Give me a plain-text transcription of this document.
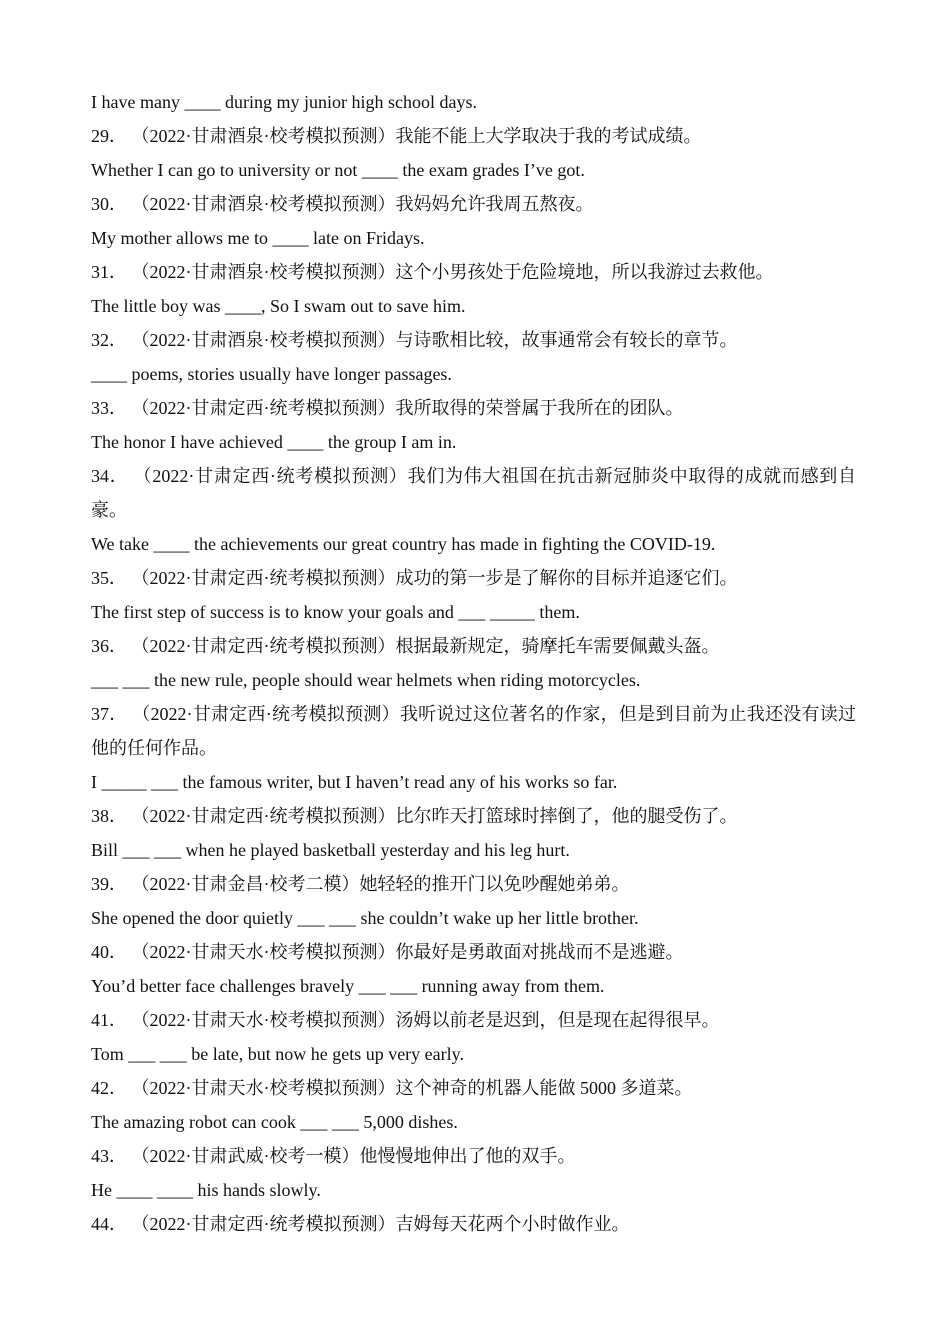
I have many ____ during my junior high school days.
29． （2022·甘肃酒泉·校考模拟预测）我能不能上大学取决于我的考试成绩。
Whether I can go to university or not ____ the exam grades I’ve got.
30． （2022·甘肃酒泉·校考模拟预测）我妈妈允许我周五熬夜。
My mother allows me to ____ late on Fridays.
31． （2022·甘肃酒泉·校考模拟预测）这个小男孩处于危险境地，所以我游过去救他。
The little boy was ____, So I swam out to save him.
32． （2022·甘肃酒泉·校考模拟预测）与诗歌相比较，故事通常会有较长的章节。
____ poems, stories usually have longer passages.
33． （2022·甘肃定西·统考模拟预测）我所取得的荣誉属于我所在的团队。
The honor I have achieved ____ the group I am in.
34． （2022·甘肃定西·统考模拟预测）我们为伟大祖国在抗击新冠肺炎中取得的成就而感到自豪。
We take ____ the achievements our great country has made in fighting the COVID-19.
35． （2022·甘肃定西·统考模拟预测）成功的第一步是了解你的目标并追逐它们。
The first step of success is to know your goals and ___ _____ them.
36． （2022·甘肃定西·统考模拟预测）根据最新规定，骑摩托车需要佩戴头盔。
___ ___ the new rule, people should wear helmets when riding motorcycles.
37． （2022·甘肃定西·统考模拟预测）我听说过这位著名的作家，但是到目前为止我还没有读过他的任何作品。
I _____ ___ the famous writer, but I haven’t read any of his works so far.
38． （2022·甘肃定西·统考模拟预测）比尔昨天打篮球时摔倒了，他的腿受伤了。
Bill ___ ___ when he played basketball yesterday and his leg hurt.
39． （2022·甘肃金昌·校考二模）她轻轻的推开门以免吵醒她弟弟。
She opened the door quietly ___ ___ she couldn’t wake up her little brother.
40． （2022·甘肃天水·校考模拟预测）你最好是勇敢面对挑战而不是逃避。
You’d better face challenges bravely ___ ___ running away from them.
41． （2022·甘肃天水·校考模拟预测）汤姆以前老是迟到，但是现在起得很早。
Tom ___ ___ be late, but now he gets up very early.
42． （2022·甘肃天水·校考模拟预测）这个神奇的机器人能做 5000 多道菜。
The amazing robot can cook ___ ___ 5,000 dishes.
43． （2022·甘肃武威·校考一模）他慢慢地伸出了他的双手。
He ____ ____ his hands slowly.
44． （2022·甘肃定西·统考模拟预测）吉姆每天花两个小时做作业。
